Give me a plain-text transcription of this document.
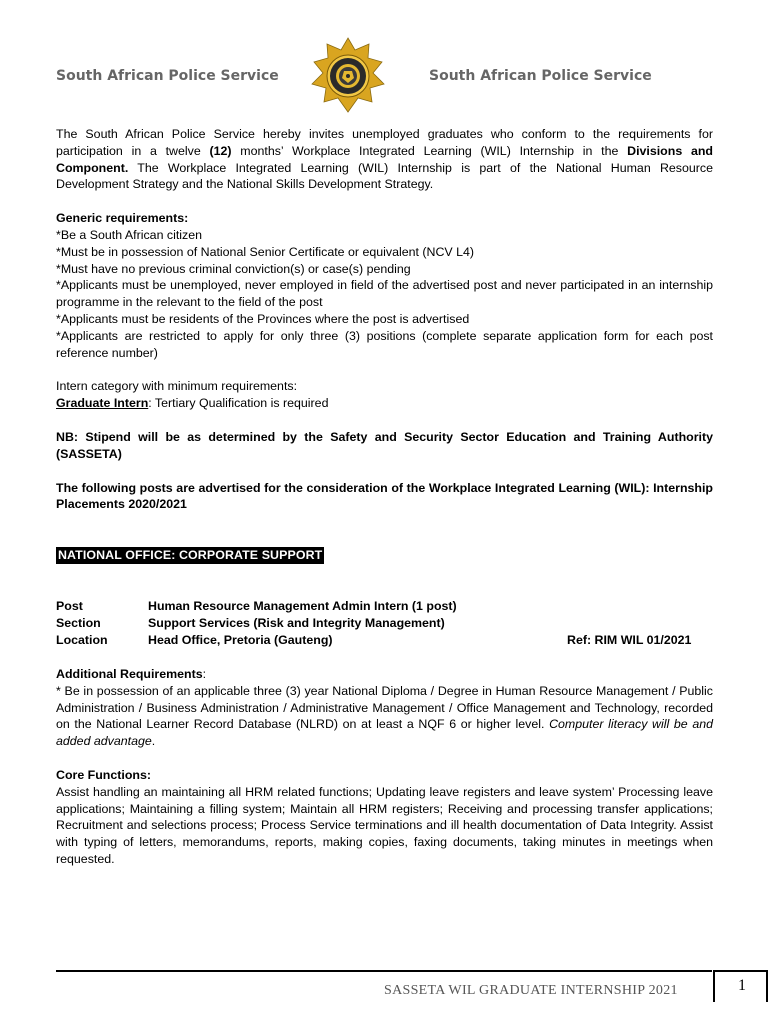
South African Police Service	South African Police Service

The South African Police Service hereby invites unemployed graduates who conform to the requirements for participation in a twelve (12) months’ Workplace Integrated Learning (WIL) Internship in the Divisions and Component. The Workplace Integrated Learning (WIL) Internship is part of the National Human Resource Development Strategy and the National Skills Development Strategy.

Generic requirements:

*Be a South African citizen

*Must be in possession of National Senior Certificate or equivalent (NCV L4)

*Must have no previous criminal conviction(s) or case(s) pending

*Applicants must be unemployed, never employed in field of the advertised post and never participated in an internship programme in the relevant to the field of the post

*Applicants must be residents of the Provinces where the post is advertised

*Applicants are restricted to apply for only three (3) positions (complete separate application form for each post reference number)

Intern category with minimum requirements:

Graduate Intern: Tertiary Qualification is required

NB: Stipend will be as determined by the Safety and Security Sector Education and Training Authority (SASSETA)

The following posts are advertised for the consideration of the Workplace Integrated Learning (WIL): Internship Placements 2020/2021

NATIONAL OFFICE: CORPORATE SUPPORT

Post	Human Resource Management Admin Intern (1 post)
Section	Support Services (Risk and Integrity Management)
Location	Head Office, Pretoria (Gauteng)	Ref: RIM WIL 01/2021

Additional Requirements:

* Be in possession of an applicable three (3) year National Diploma / Degree in Human Resource Management / Public Administration / Business Administration / Administrative Management / Office Management and Technology, recorded on the National Learner Record Database (NLRD) on at least a NQF 6 or higher level. Computer literacy will be and added advantage.

Core Functions:

Assist handling an maintaining all HRM related functions; Updating leave registers and leave system’ Processing leave applications; Maintaining a filling system; Maintain all HRM registers; Receiving and processing transfer applications; Recruitment and selections process; Process Service terminations and ill health documentation of Data Integrity. Assist with typing of letters, memorandums, reports, making copies, faxing documents, taking minutes in meetings when requested.

SASSETA WIL GRADUATE INTERNSHIP 2021	1
